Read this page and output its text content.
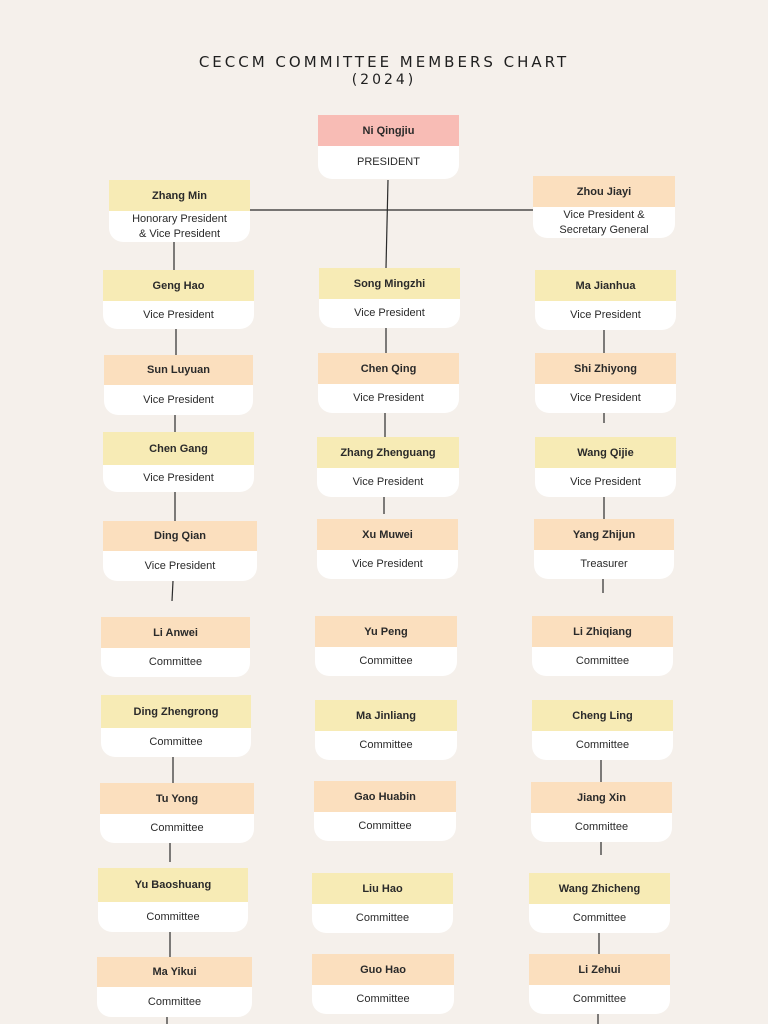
CECCM COMMITTEE MEMBERS CHART
(2024)
Ni Qingjiu
PRESIDENT
Zhang Min
Honorary President
& Vice President
Zhou Jiayi
Vice President &
Secretary General
Geng Hao
Vice President
Sun Luyuan
Vice President
Chen Gang
Vice President
Ding Qian
Vice President
Li Anwei
Committee
Ding Zhengrong
Committee
Tu Yong
Committee
Yu Baoshuang
Committee
Ma Yikui
Committee
Song Mingzhi
Vice President
Chen Qing
Vice President
Zhang Zhenguang
Vice President
Xu Muwei
Vice President
Yu Peng
Committee
Ma Jinliang
Committee
Gao Huabin
Committee
Liu Hao
Committee
Guo Hao
Committee
Ma Jianhua
Vice President
Shi Zhiyong
Vice President
Wang Qijie
Vice President
Yang Zhijun
Treasurer
Li Zhiqiang
Committee
Cheng Ling
Committee
Jiang Xin
Committee
Wang Zhicheng
Committee
Li Zehui
Committee
